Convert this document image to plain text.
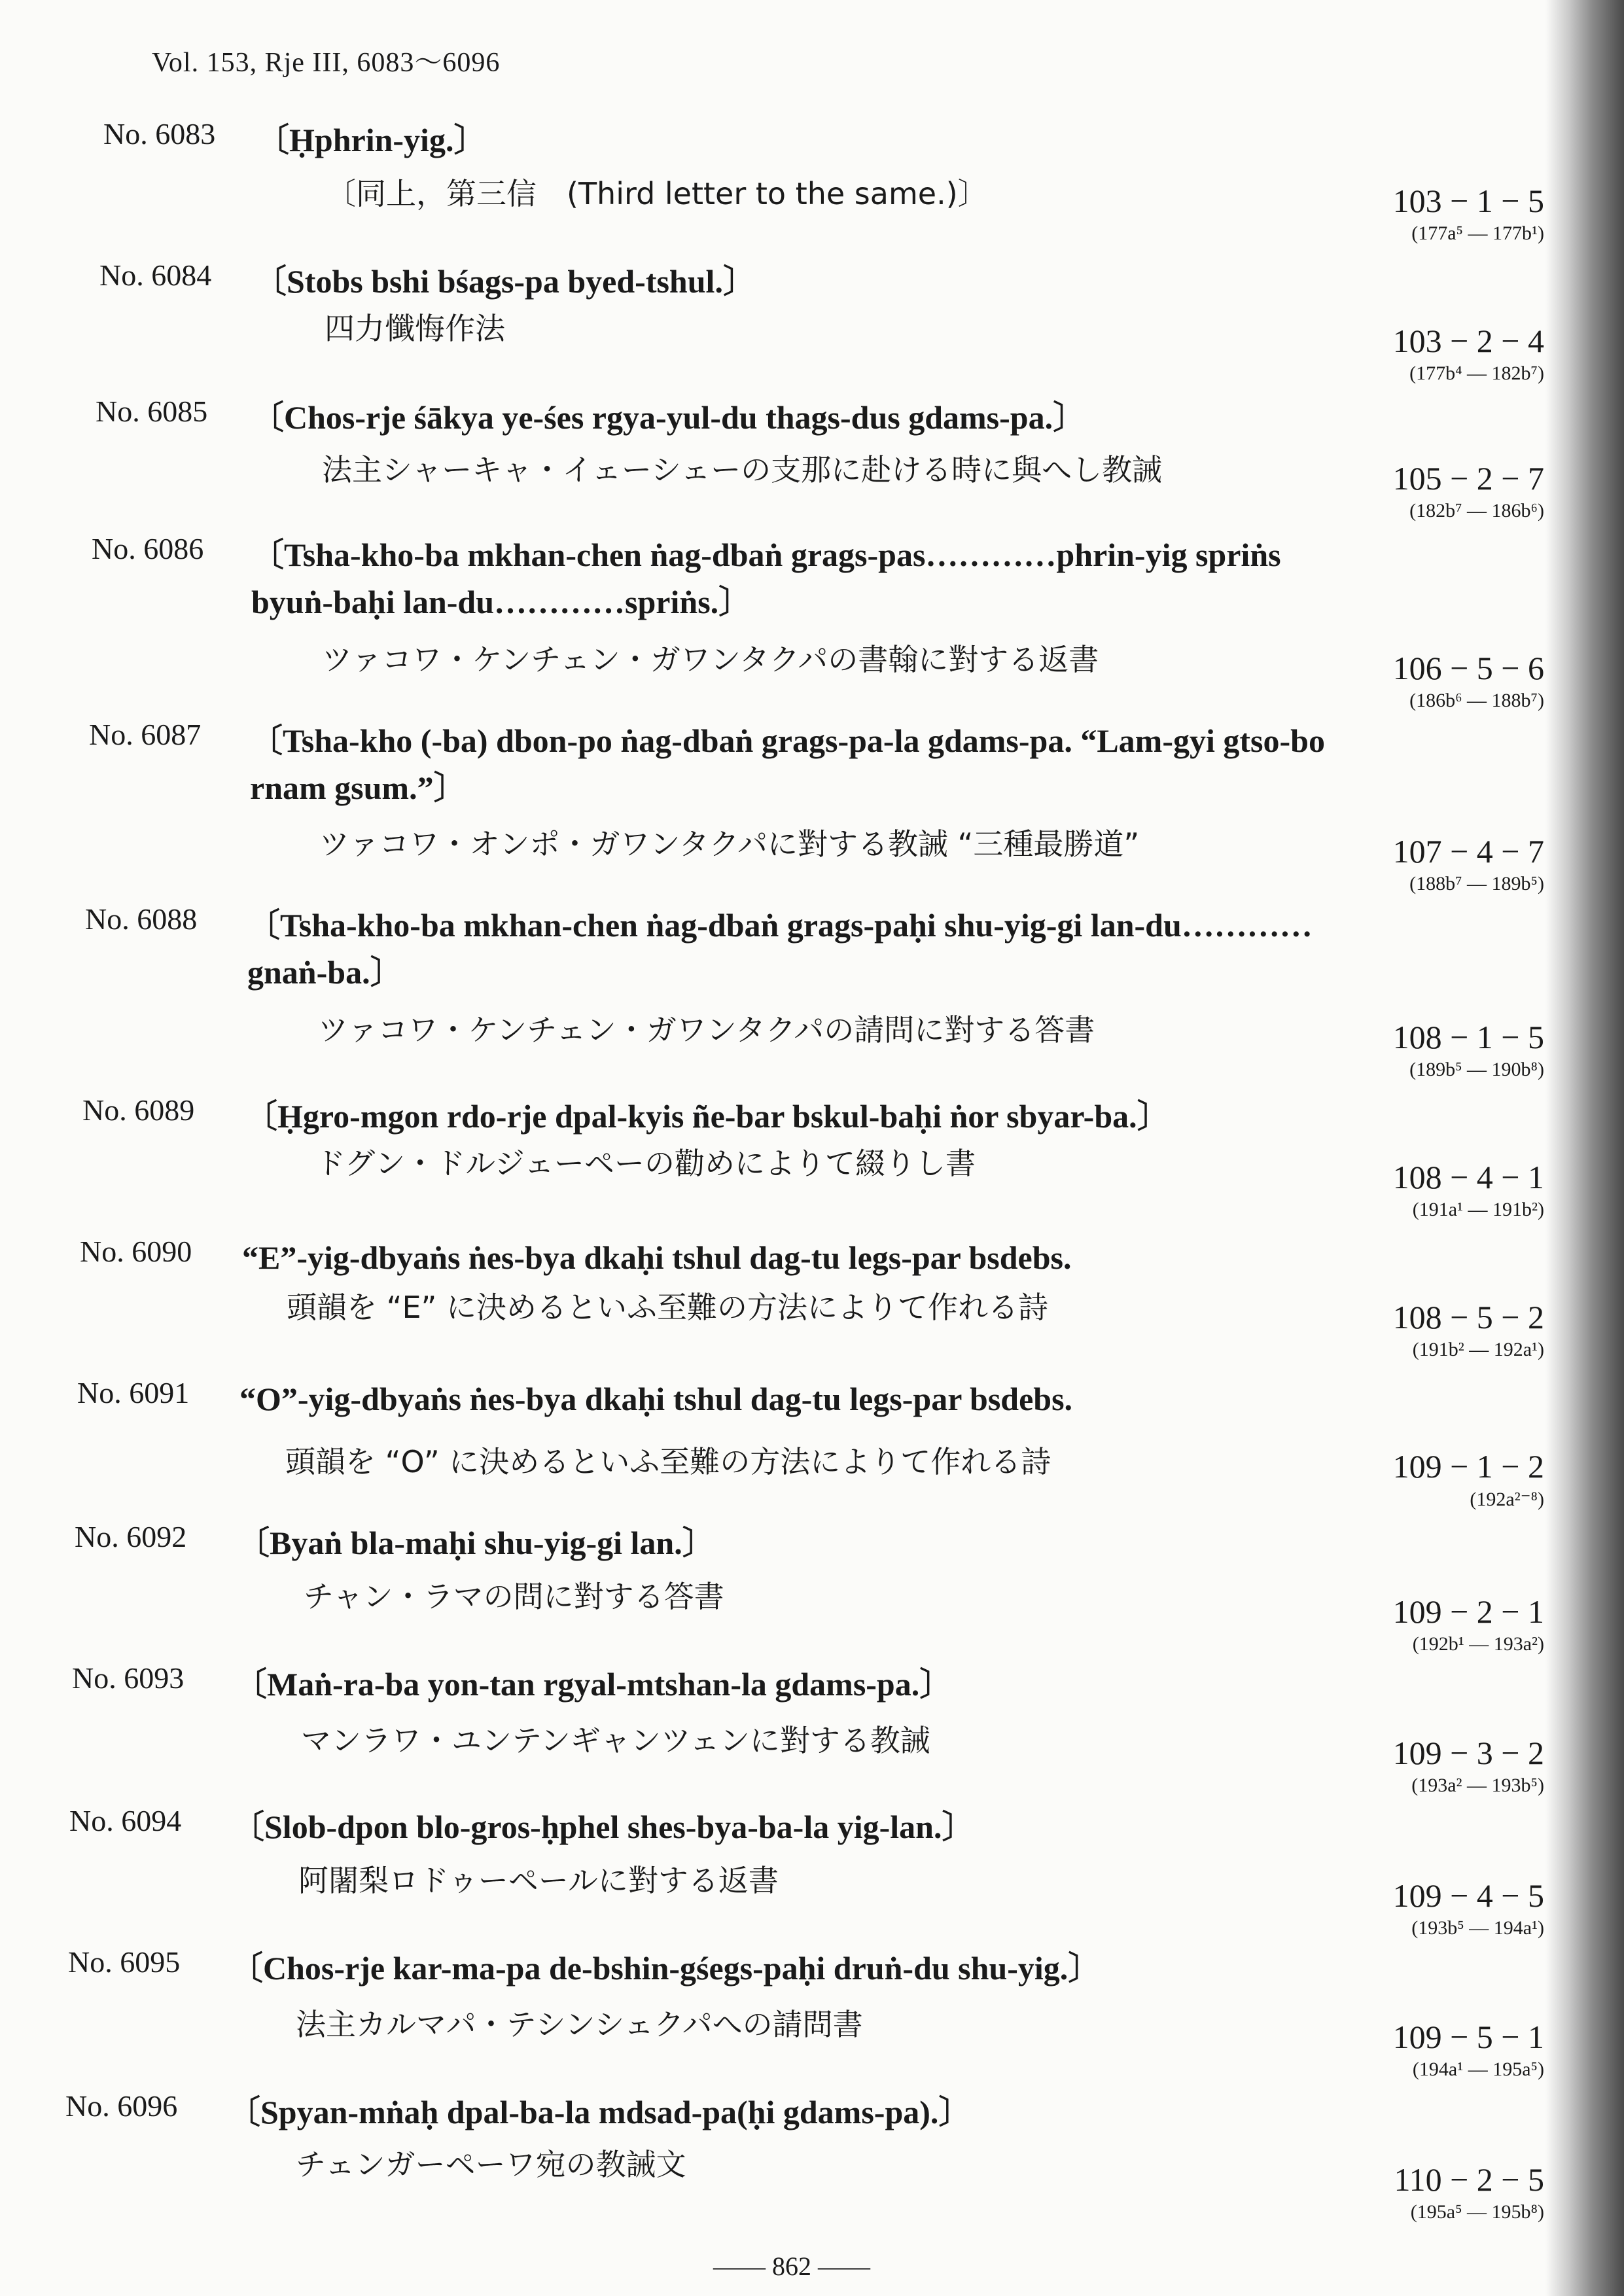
Vol. 153, Rje III, 6083～6096
No. 6083 〔Ḥphrin-yig.〕
〔同上，第三信　(Third letter to the same.)〕	103 − 1 − 5
(177a⁵ — 177b¹)
No. 6084 〔Stobs bshi bśags-pa byed-tshul.〕
四力懺悔作法	103 − 2 − 4
(177b⁴ — 182b⁷)
No. 6085 〔Chos-rje śākya ye-śes rgya-yul-du thags-dus gdams-pa.〕
法主シャーキャ・イェーシェーの支那に赴ける時に與へし教誡	105 − 2 − 7
(182b⁷ — 186b⁶)
No. 6086 〔Tsha-kho-ba mkhan-chen ṅag-dbaṅ grags-pas…………phrin-yig spriṅs byuṅ-baḥi lan-du…………spriṅs.〕
ツァコワ・ケンチェン・ガワンタクパの書翰に對する返書	106 − 5 − 6
(186b⁶ — 188b⁷)
No. 6087 〔Tsha-kho (-ba) dbon-po ṅag-dbaṅ grags-pa-la gdams-pa. “Lam-gyi gtso-bo rnam gsum.”〕
ツァコワ・オンポ・ガワンタクパに對する教誡 “三種最勝道”	107 − 4 − 7
(188b⁷ — 189b⁵)
No. 6088 〔Tsha-kho-ba mkhan-chen ṅag-dbaṅ grags-paḥi shu-yig-gi lan-du…………gnaṅ-ba.〕
ツァコワ・ケンチェン・ガワンタクパの請問に對する答書	108 − 1 − 5
(189b⁵ — 190b⁸)
No. 6089 〔Ḥgro-mgon rdo-rje dpal-kyis ñe-bar bskul-baḥi ṅor sbyar-ba.〕
ドグン・ドルジェーペーの勸めによりて綴りし書	108 − 4 − 1
(191a¹ — 191b²)
No. 6090 “E”-yig-dbyaṅs ṅes-bya dkaḥi tshul dag-tu legs-par bsdebs.
頭韻を “E” に決めるといふ至難の方法によりて作れる詩	108 − 5 − 2
(191b² — 192a¹)
No. 6091 “O”-yig-dbyaṅs ṅes-bya dkaḥi tshul dag-tu legs-par bsdebs.
頭韻を “O” に決めるといふ至難の方法によりて作れる詩	109 − 1 − 2
(192a²⁻⁸)
No. 6092 〔Byaṅ bla-maḥi shu-yig-gi lan.〕
チャン・ラマの問に對する答書	109 − 2 − 1
(192b¹ — 193a²)
No. 6093 〔Maṅ-ra-ba yon-tan rgyal-mtshan-la gdams-pa.〕
マンラワ・ユンテンギャンツェンに對する教誡	109 − 3 − 2
(193a² — 193b⁵)
No. 6094 〔Slob-dpon blo-gros-ḥphel shes-bya-ba-la yig-lan.〕
阿闍梨ロドゥーペールに對する返書	109 − 4 − 5
(193b⁵ — 194a¹)
No. 6095 〔Chos-rje kar-ma-pa de-bshin-gśegs-paḥi druṅ-du shu-yig.〕
法主カルマパ・テシンシェクパへの請問書	109 − 5 − 1
(194a¹ — 195a⁵)
No. 6096 〔Spyan-mṅaḥ dpal-ba-la mdsad-pa(ḥi gdams-pa).〕
チェンガーペーワ宛の教誡文	110 − 2 − 5
(195a⁵ — 195b⁸)
—— 862 ——
